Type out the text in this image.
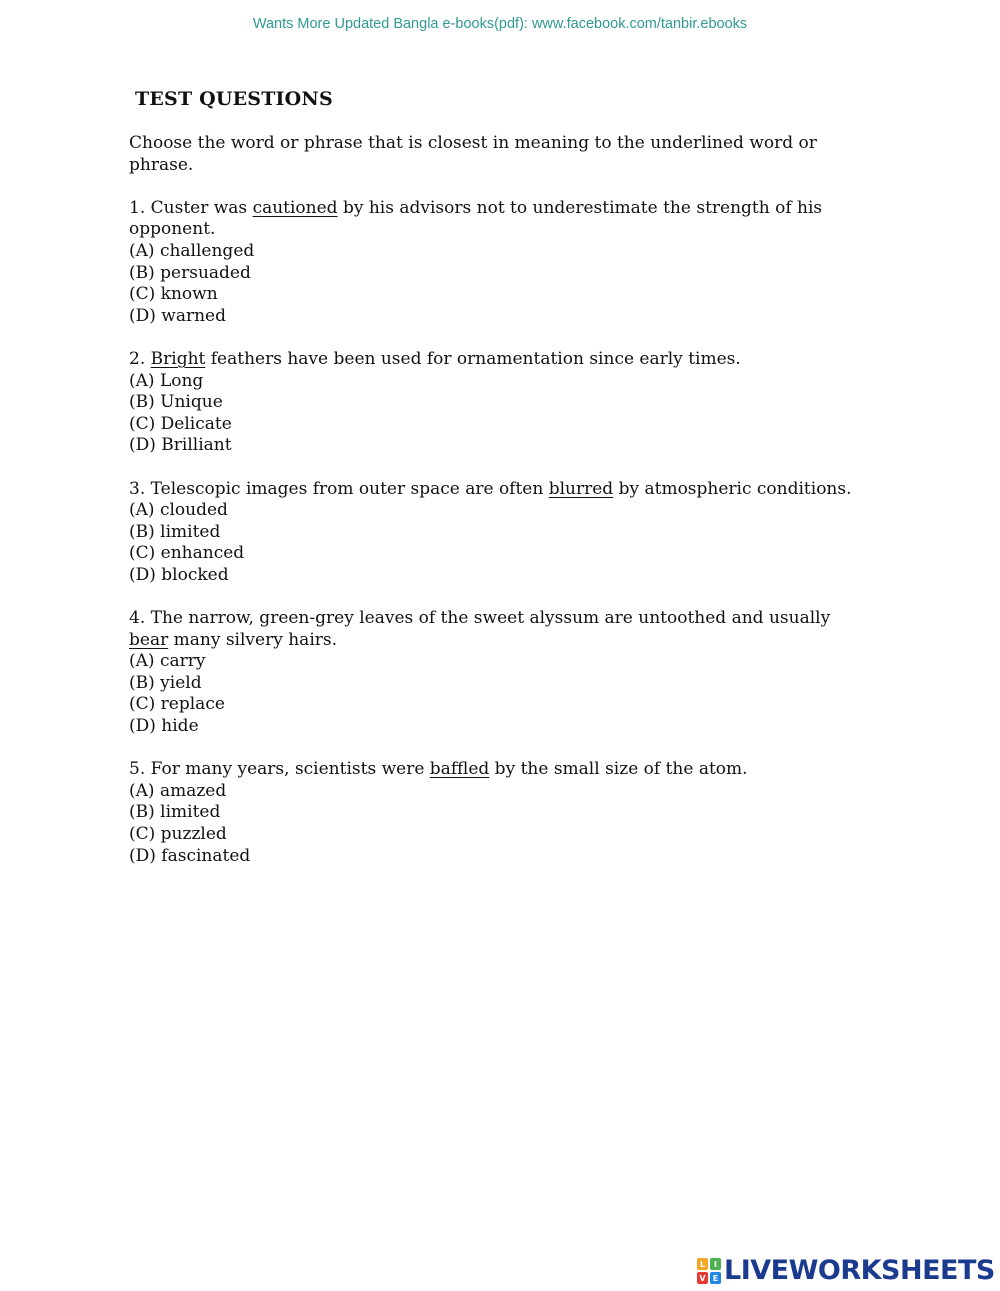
Wants More Updated Bangla e-books(pdf): www.facebook.com/tanbir.ebooks
TEST QUESTIONS

Choose the word or phrase that is closest in meaning to the underlined word or phrase.

1. Custer was cautioned by his advisors not to underestimate the strength of his opponent.

(A) challenged

(B) persuaded

(C) known

(D) warned

2. Bright feathers have been used for ornamentation since early times.

(A) Long

(B) Unique

(C) Delicate

(D) Brilliant

3. Telescopic images from outer space are often blurred by atmospheric conditions.

(A) clouded

(B) limited

(C) enhanced

(D) blocked

4. The narrow, green-grey leaves of the sweet alyssum are untoothed and usually bear many silvery hairs.

(A) carry

(B) yield

(C) replace

(D) hide

5. For many years, scientists were baffled by the small size of the atom.

(A) amazed

(B) limited

(C) puzzled

(D) fascinated

L	I
V E LIVEWORKSHEETS
